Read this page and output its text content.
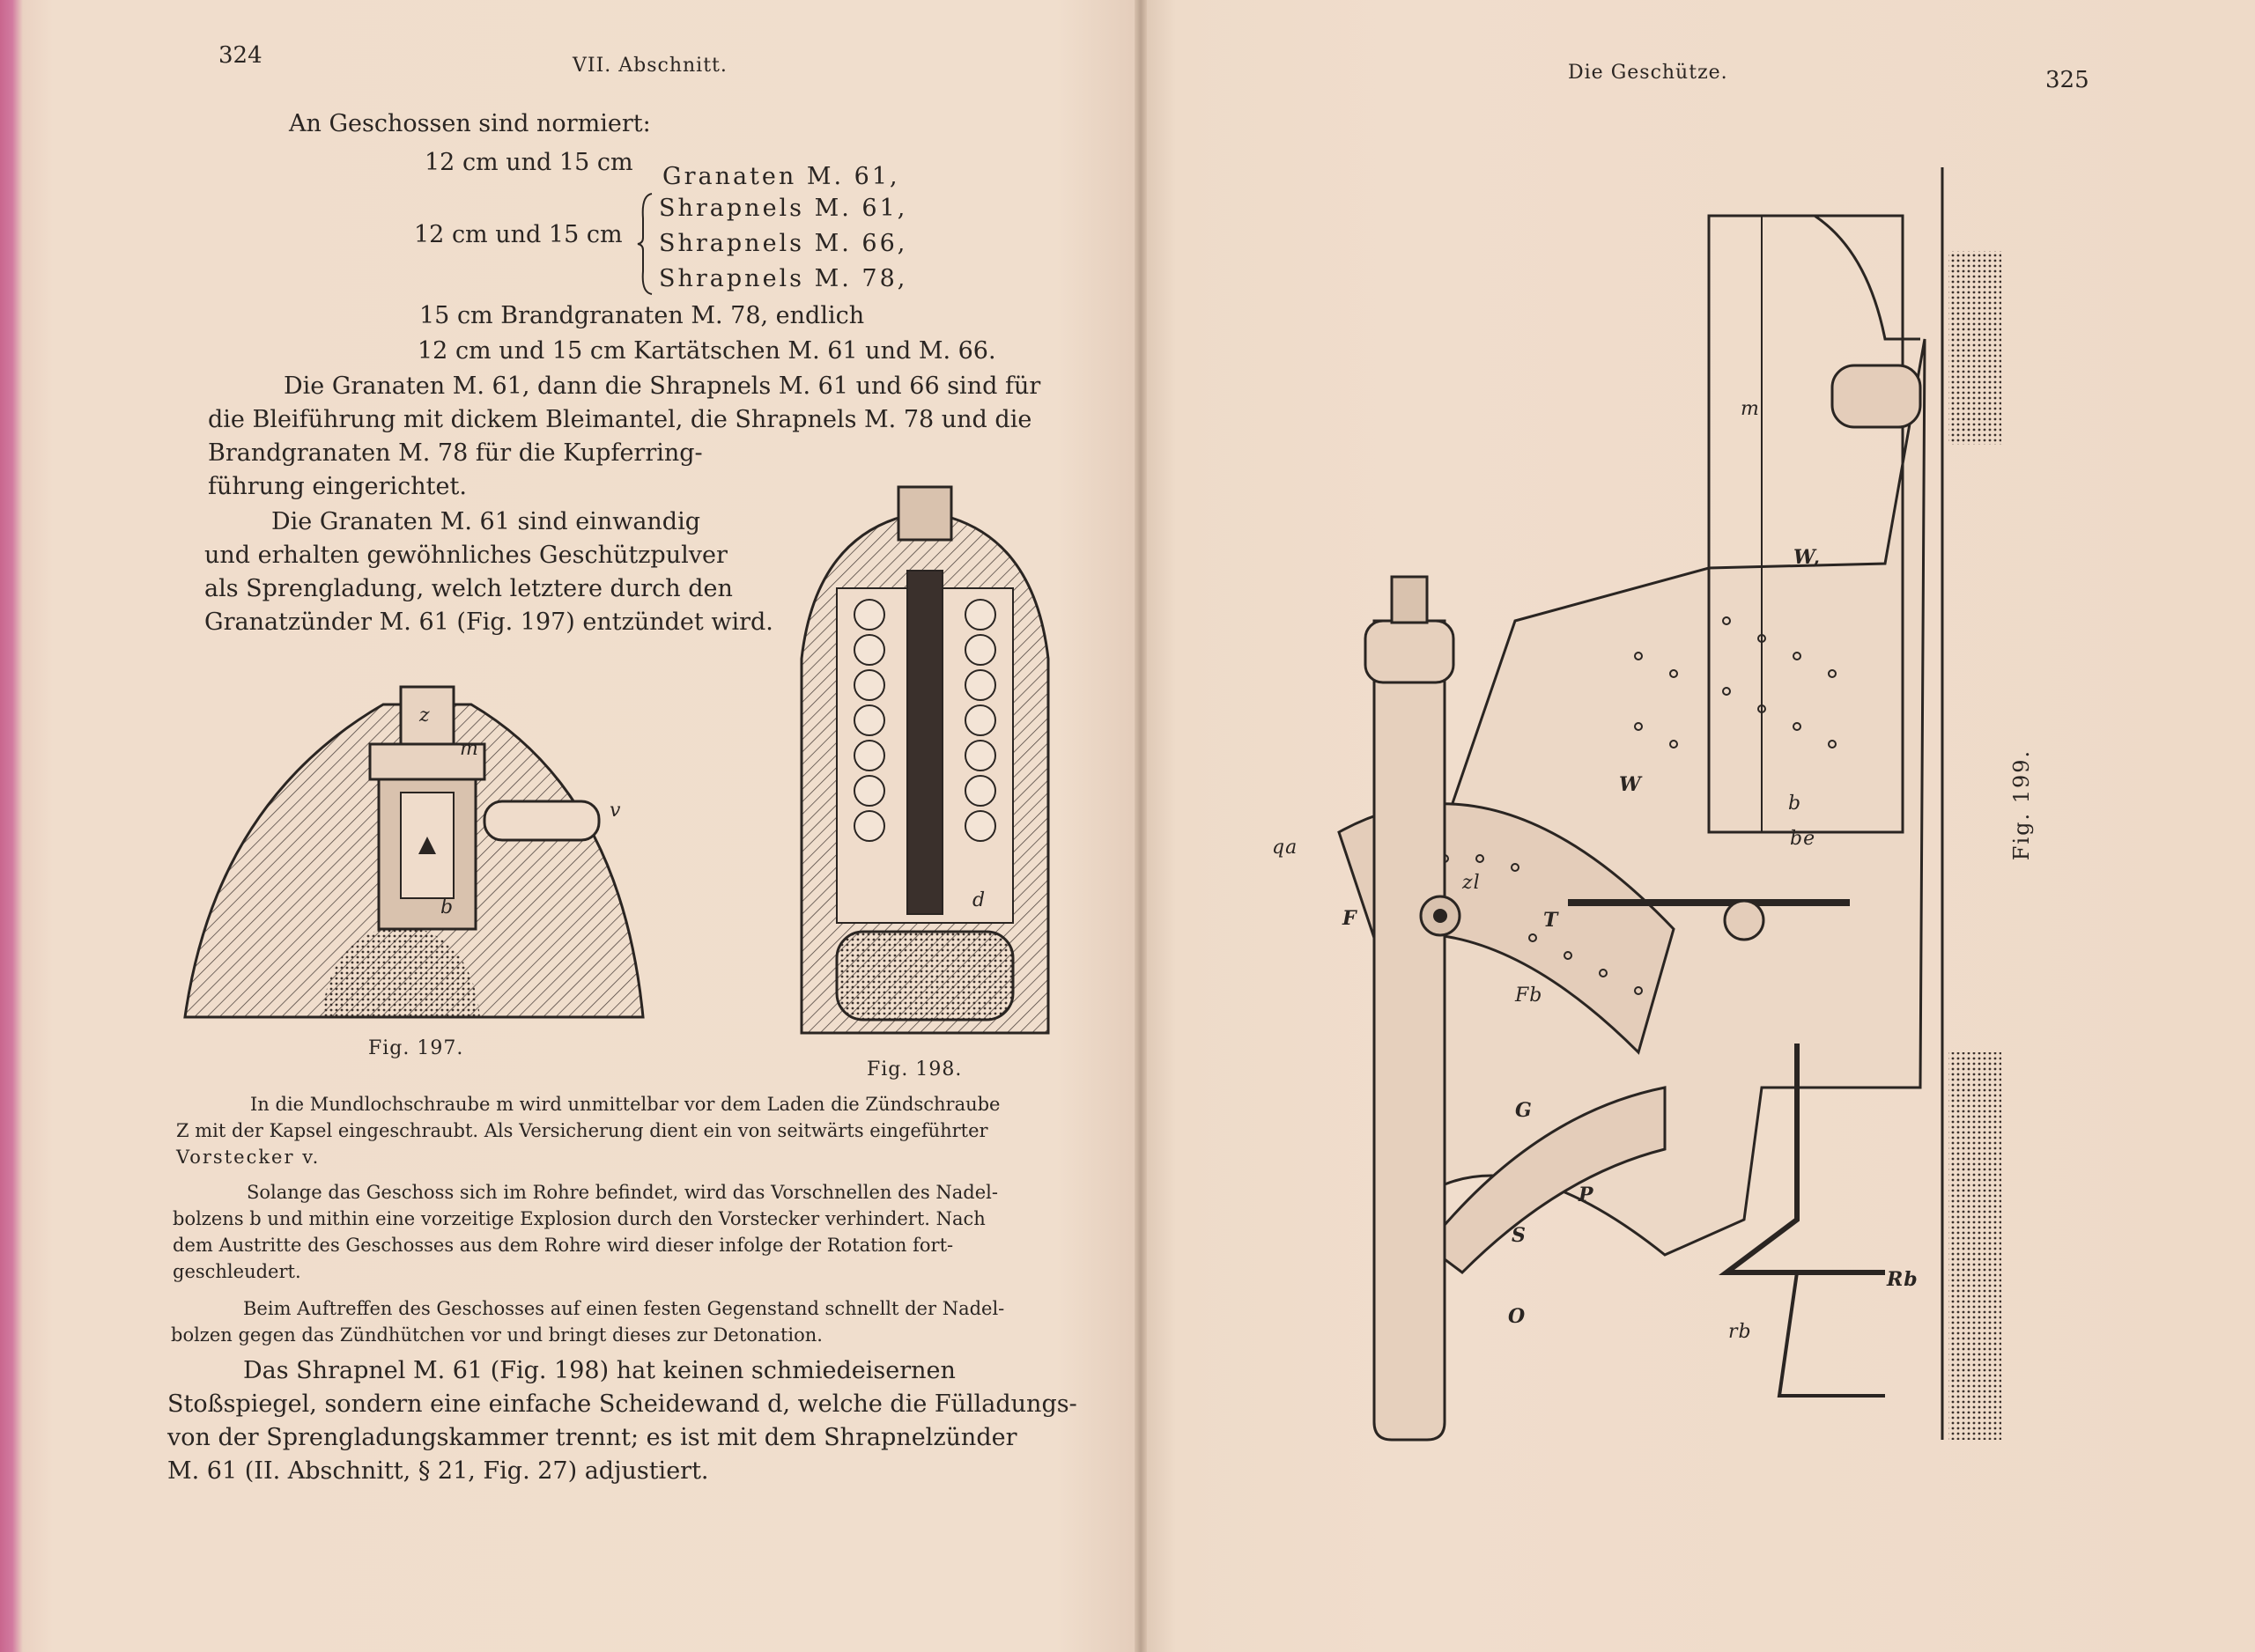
324	VII. Abschnitt.
An Geschossen sind normiert:
12 cm und 15 cm
Granaten M. 61,
12 cm und 15 cm
Shrapnels M. 61,
Shrapnels M. 66,
Shrapnels M. 78,
15 cm Brandgranaten M. 78, endlich
12 cm und 15 cm Kartätschen M. 61 und M. 66.
Die Granaten M. 61, dann die Shrapnels M. 61 und 66 sind für
die Bleiführung mit dickem Bleimantel, die Shrapnels M. 78 und die
Brandgranaten M. 78 für die Kupferring-
führung eingerichtet.
Die Granaten M. 61 sind einwandig
und erhalten gewöhnliches Geschützpulver
als Sprengladung, welch letztere durch den
Granatzünder M. 61 (Fig. 197) entzündet wird.
z
m
v
b
Fig. 197.
d
Fig. 198.
In die Mundlochschraube m wird unmittelbar vor dem Laden die Zündschraube
Z mit der Kapsel eingeschraubt. Als Versicherung dient ein von seitwärts eingeführter
Vorstecker v.
Solange das Geschoss sich im Rohre befindet, wird das Vorschnellen des Nadel-
bolzens b und mithin eine vorzeitige Explosion durch den Vorstecker verhindert. Nach
dem Austritte des Geschosses aus dem Rohre wird dieser infolge der Rotation fort-
geschleudert.
Beim Auftreffen des Geschosses auf einen festen Gegenstand schnellt der Nadel-
bolzen gegen das Zündhütchen vor und bringt dieses zur Detonation.
Das Shrapnel M. 61 (Fig. 198) hat keinen schmiedeisernen
Stoßspiegel, sondern eine einfache Scheidewand d, welche die Fülladungs-
von der Sprengladungskammer trennt; es ist mit dem Shrapnelzünder
M. 61 (II. Abschnitt, § 21, Fig. 27) adjustiert.
Die Geschütze.	325
W
W,
b
be
F
Fb
T
G
P
S
O
Rb
rb
m
qa
zl
Fig. 199.
